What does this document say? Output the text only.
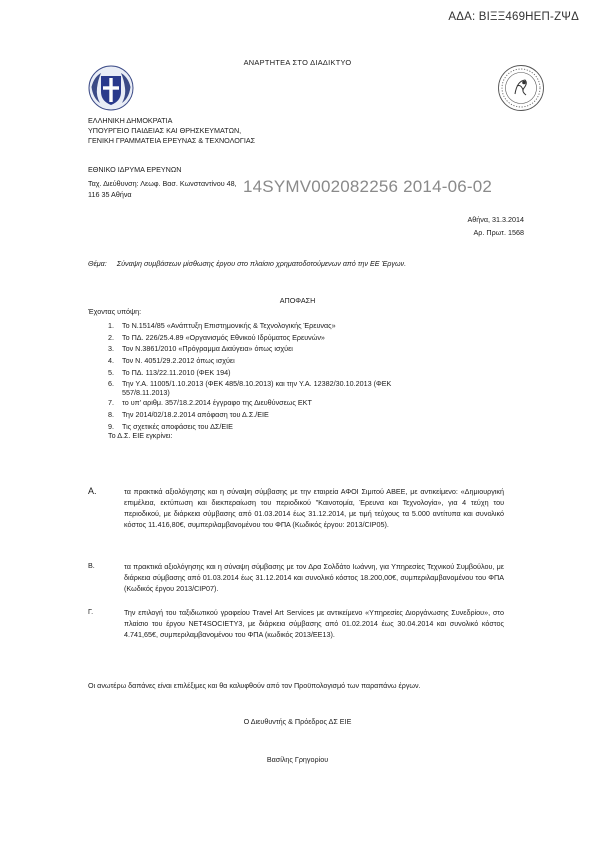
ΑΔΑ: ΒΙΞΞ469ΗΕΠ-ΖΨΔ
ΑΝΑΡΤΗΤΕΑ ΣΤΟ ΔΙΑΔΙΚΤΥΟ
ΕΛΛΗΝΙΚΗ ΔΗΜΟΚΡΑΤΙΑ
ΥΠΟΥΡΓΕΙΟ ΠΑΙΔΕΙΑΣ ΚΑΙ ΘΡΗΣΚΕΥΜΑΤΩΝ,
ΓΕΝΙΚΗ ΓΡΑΜΜΑΤΕΙΑ ΕΡΕΥΝΑΣ & ΤΕΧΝΟΛΟΓΙΑΣ
ΕΘΝΙΚΟ ΙΔΡΥΜΑ ΕΡΕΥΝΩΝ
Ταχ. Διεύθυνση: Λεωφ. Βασ. Κωνσταντίνου 48,
116 35 Αθήνα	14SYMV002082256 2014-06-02
Αθήνα, 31.3.2014
Αρ. Πρωτ. 1568
Θέμα: Σύναψη συμβάσεων μίσθωσης έργου στο πλαίσιο χρηματοδοτούμενων από την ΕΕ Έργων.
ΑΠΟΦΑΣΗ
Έχοντας υπόψη:
1.	Το Ν.1514/85 «Ανάπτυξη Επιστημονικής & Τεχνολογικής Έρευνας»
2.	Το ΠΔ. 226/25.4.89 «Οργανισμός Εθνικού Ιδρύματος Ερευνών»
3.	Τον Ν.3861/2010 «Πρόγραμμα Διαύγεια» όπως ισχύει
4.	Τον Ν. 4051/29.2.2012 όπως ισχύει
5.	Το ΠΔ. 113/22.11.2010 (ΦΕΚ 194)
6.	Την Υ.Α. 11005/1.10.2013 (ΦΕΚ 485/8.10.2013) και την Υ.Α. 12382/30.10.2013 (ΦΕΚ 557/8.11.2013)
7.	το υπ' αριθμ. 357/18.2.2014 έγγραφο της Διευθύνσεως ΕΚΤ
8.	Την 2014/02/18.2.2014 απόφαση του Δ.Σ./ΕΙΕ
9.	Τις σχετικές αποφάσεις του ΔΣ/ΕΙΕ
Το Δ.Σ. ΕΙΕ εγκρίνει:
Α.	τα πρακτικά αξιολόγησης και η σύναψη σύμβασης με την εταιρεία ΑΦΟΙ Σιμιτού ΑΒΕΕ, με αντικείμενο: «Δημιουργική επιμέλεια, εκτύπωση και διεκπεραίωση του περιοδικού "Καινοτομία, Έρευνα και Τεχνολογία», για 4 τεύχη του περιοδικού, με διάρκεια σύμβασης από 01.03.2014 έως 31.12.2014, με τιμή τεύχους τα 5.000 αντίτυπα και συνολικό κόστος 11.416,80€, συμπεριλαμβανομένου του ΦΠΑ (Κωδικός έργου: 2013/CIP05).
Β.	τα πρακτικά αξιολόγησης και η σύναψη σύμβασης με τον Δρα Σολδάτο Ιωάννη, για Υπηρεσίες Τεχνικού Συμβούλου, με διάρκεια σύμβασης από 01.03.2014 έως 31.12.2014 και συνολικό κόστος 18.200,00€, συμπεριλαμβανομένου του ΦΠΑ (Κωδικός έργου 2013/CIP07).
Γ.	Την επιλογή του ταξιδιωτικού γραφείου Travel Art Services με αντικείμενο «Υπηρεσίες Διοργάνωσης Συνεδρίου», στο πλαίσιο του έργου NET4SOCIETY3, με διάρκεια σύμβασης από 01.02.2014 έως 30.04.2014 και συνολικό κόστος 4.741,65€, συμπεριλαμβανομένου του ΦΠΑ (κωδικός 2013/ΕΕ13).
Οι ανωτέρω δαπάνες είναι επιλέξιμες και θα καλυφθούν από τον Προϋπολογισμό των παραπάνω έργων.
Ο Διευθυντής & Πρόεδρος ΔΣ ΕΙΕ
Βασίλης Γρηγορίου
